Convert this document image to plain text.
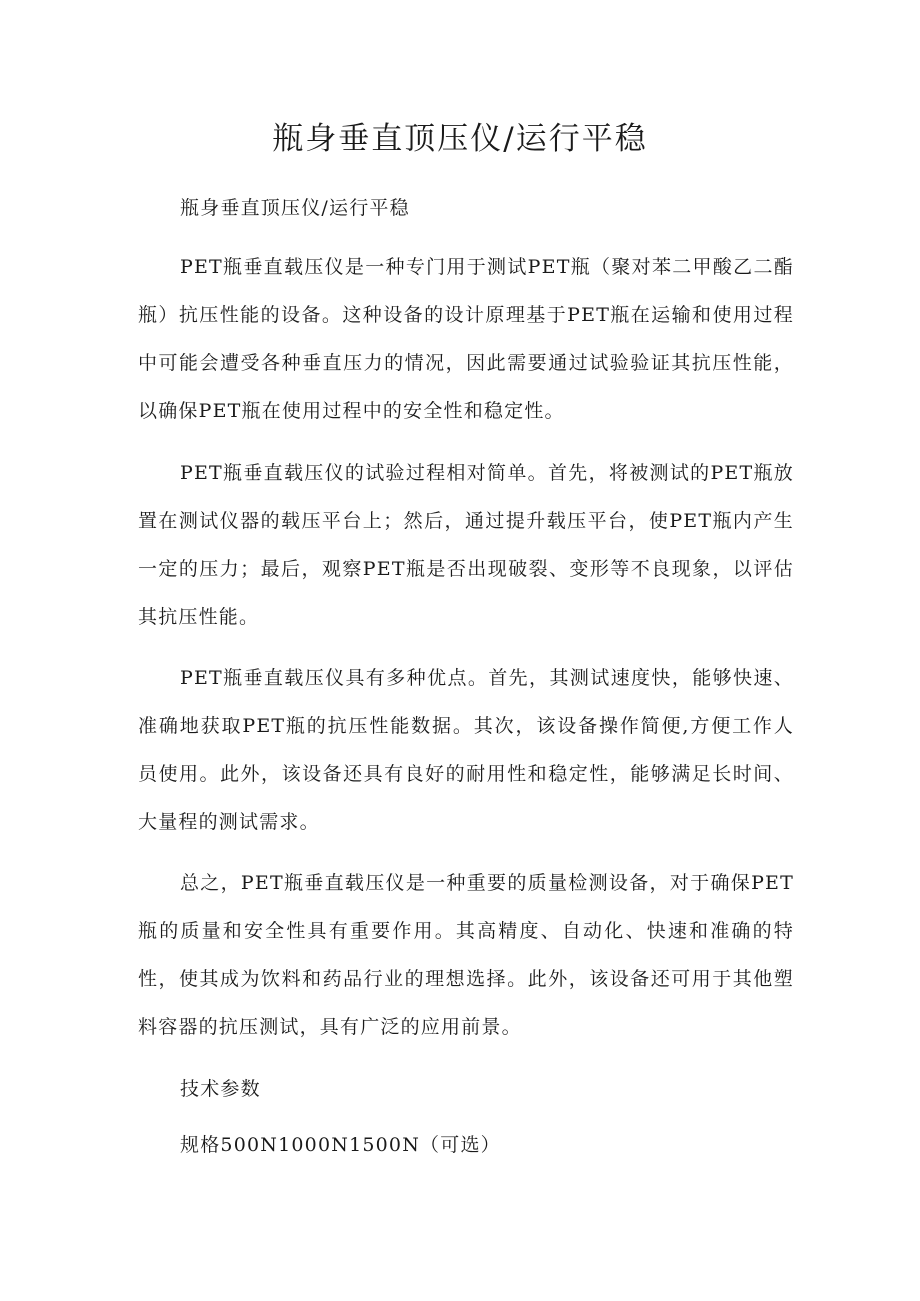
瓶身垂直顶压仪/运行平稳

瓶身垂直顶压仪/运行平稳

PET瓶垂直载压仪是一种专门用于测试PET瓶（聚对苯二甲酸乙二酯瓶）抗压性能的设备。这种设备的设计原理基于PET瓶在运输和使用过程中可能会遭受各种垂直压力的情况，因此需要通过试验验证其抗压性能，以确保PET瓶在使用过程中的安全性和稳定性。

PET瓶垂直载压仪的试验过程相对简单。首先，将被测试的PET瓶放置在测试仪器的载压平台上；然后，通过提升载压平台，使PET瓶内产生一定的压力；最后，观察PET瓶是否出现破裂、变形等不良现象，以评估其抗压性能。

PET瓶垂直载压仪具有多种优点。首先，其测试速度快，能够快速、准确地获取PET瓶的抗压性能数据。其次，该设备操作简便,方便工作人员使用。此外，该设备还具有良好的耐用性和稳定性，能够满足长时间、大量程的测试需求。

总之，PET瓶垂直载压仪是一种重要的质量检测设备，对于确保PET瓶的质量和安全性具有重要作用。其高精度、自动化、快速和准确的特性，使其成为饮料和药品行业的理想选择。此外，该设备还可用于其他塑料容器的抗压测试，具有广泛的应用前景。

技术参数

规格500N1000N1500N（可选）
